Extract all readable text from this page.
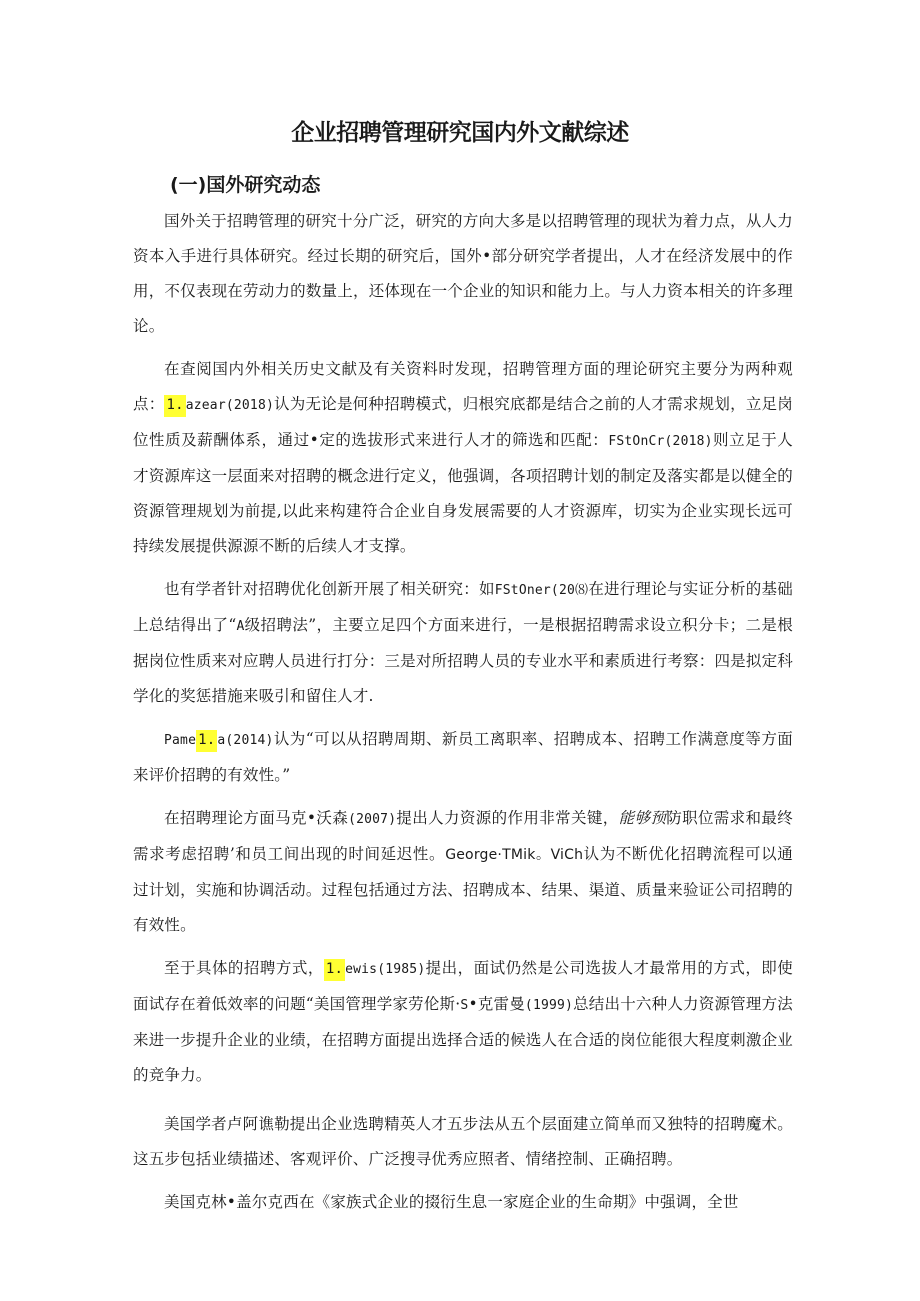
企业招聘管理研究国内外文献综述
(一)国外研究动态

国外关于招聘管理的研究十分广泛，研究的方向大多是以招聘管理的现状为着力点，从人力资本入手进行具体研究。经过长期的研究后，国外•部分研究学者提出，人才在经济发展中的作用，不仅表现在劳动力的数量上，还体现在一个企业的知识和能力上。与人力资本相关的许多理论。

在查阅国内外相关历史文献及有关资料时发现，招聘管理方面的理论研究主要分为两种观点： 1. azear(2018)认为无论是何种招聘模式，归根究底都是结合之前的人才需求规划，立足岗位性质及薪酬体系，通过•定的选拔形式来进行人才的筛选和匹配：FStOnCr(2018)则立足于人才资源库这一层面来对招聘的概念进行定义，他强调，各项招聘计划的制定及落实都是以健全的资源管理规划为前提,以此来构建符合企业自身发展需要的人才资源库，切实为企业实现长远可持续发展提供源源不断的后续人才支撑。

也有学者针对招聘优化创新开展了相关研究：如FStOner(20⑻在进行理论与实证分析的基础上总结得出了“A级招聘法”，主要立足四个方面来进行，一是根据招聘需求设立积分卡；二是根据岗位性质来对应聘人员进行打分：三是对所招聘人员的专业水平和素质进行考察：四是拟定科学化的奖惩措施来吸引和留住人才.

Pame 1. a(2014)认为“可以从招聘周期、新员工离职率、招聘成本、招聘工作满意度等方面来评价招聘的有效性。”

在招聘理论方面马克•沃森(2007)提出人力资源的作用非常关键，能够预防职位需求和最终需求考虑招聘’和员工间出现的时间延迟性。George·TMik。ViCh认为不断优化招聘流程可以通过计划，实施和协调活动。过程包括通过方法、招聘成本、结果、渠道、质量来验证公司招聘的有效性。

至于具体的招聘方式， 1. ewis(1985)提出，面试仍然是公司选拔人才最常用的方式，即使面试存在着低效率的问题“美国管理学家劳伦斯·S•克雷曼(1999)总结出十六种人力资源管理方法来进一步提升企业的业绩，在招聘方面提出选择合适的候选人在合适的岗位能很大程度刺激企业的竞争力。

美国学者卢阿谯勒提出企业选聘精英人才五步法从五个层面建立简单而又独特的招聘魔术。这五步包括业绩描述、客观评价、广泛搜寻优秀应照者、情绪控制、正确招聘。

美国克林•盖尔克西在《家族式企业的掇衍生息一家庭企业的生命期》中强调，全世
